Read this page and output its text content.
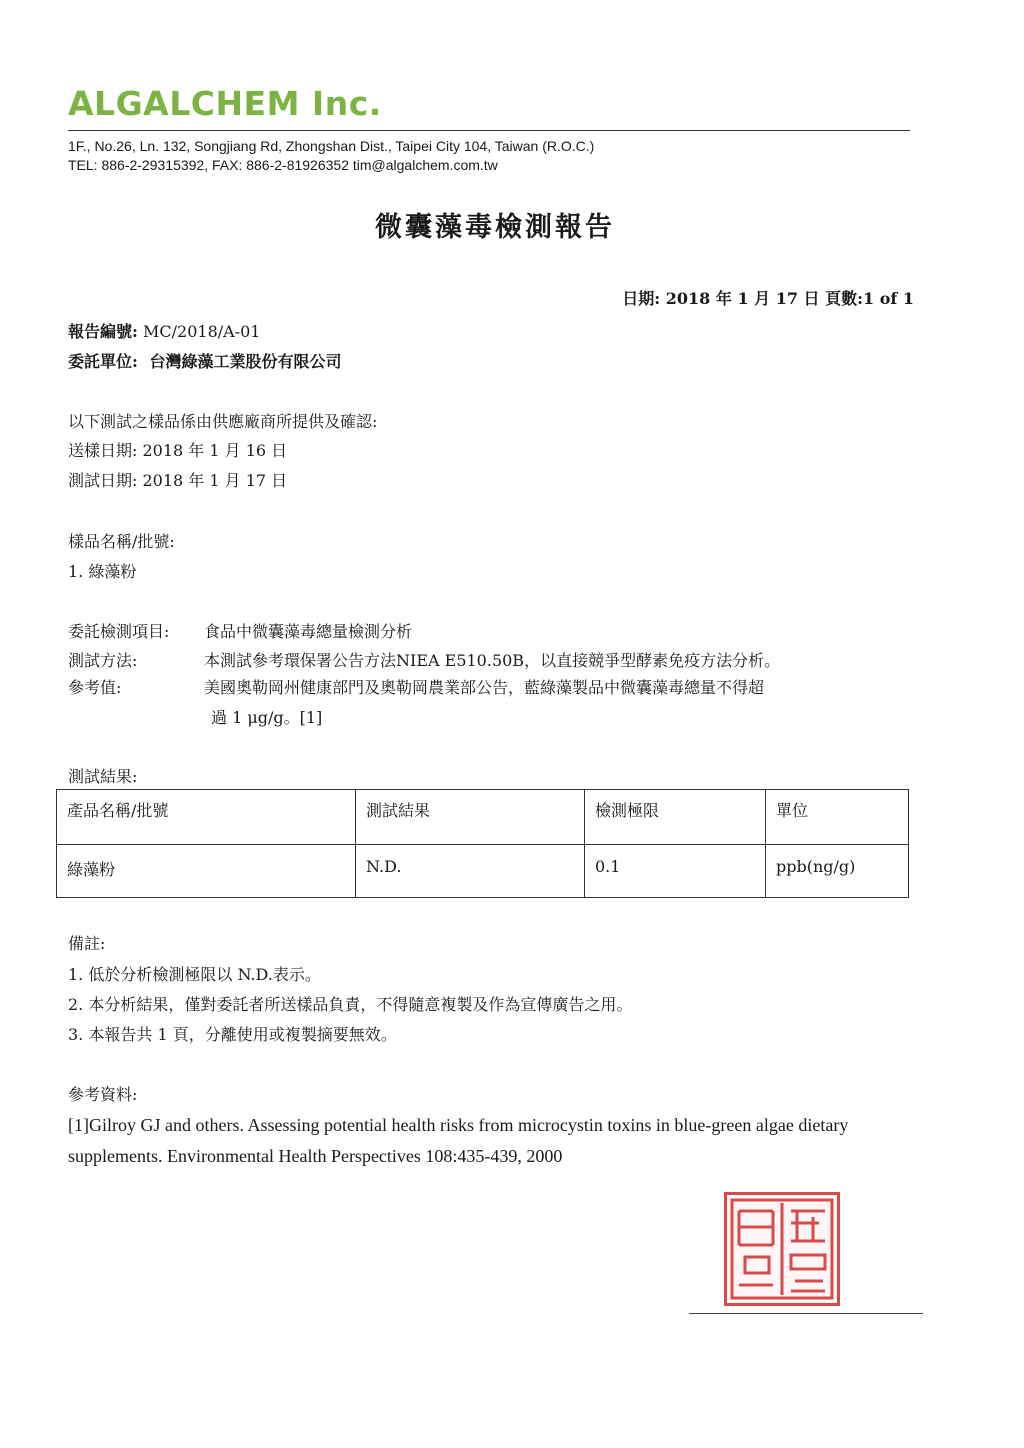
ALGALCHEM Inc.
1F., No.26, Ln. 132, Songjiang Rd, Zhongshan Dist., Taipei City 104, Taiwan (R.O.C.)
TEL: 886-2-29315392, FAX: 886-2-81926352 tim@algalchem.com.tw
微囊藻毒檢測報告
日期: 2018 年 1 月 17 日 頁數:1 of 1
報告編號: MC/2018/A-01
委託單位: 台灣綠藻工業股份有限公司
以下測試之樣品係由供應廠商所提供及確認:
送樣日期: 2018 年 1 月 16 日
測試日期: 2018 年 1 月 17 日
樣品名稱/批號:
1. 綠藻粉
委託檢測項目: 食品中微囊藻毒總量檢測分析
測試方法:	本測試參考環保署公告方法NIEA E510.50B，以直接競爭型酵素免疫方法分析。
參考值:	美國奧勒岡州健康部門及奧勒岡農業部公告，藍綠藻製品中微囊藻毒總量不得超
過 1 μg/g。[1]
測試結果:
產品名稱/批號	測試結果	檢測極限	單位
綠藻粉	N.D.	0.1	ppb(ng/g)
備註:
1. 低於分析檢測極限以 N.D.表示。
2. 本分析結果，僅對委託者所送樣品負責，不得隨意複製及作為宣傳廣告之用。
3. 本報告共 1 頁，分離使用或複製摘要無效。
參考資料:
[1]Gilroy GJ and others. Assessing potential health risks from microcystin toxins in blue-green algae dietary supplements. Environmental Health Perspectives 108:435-439, 2000
